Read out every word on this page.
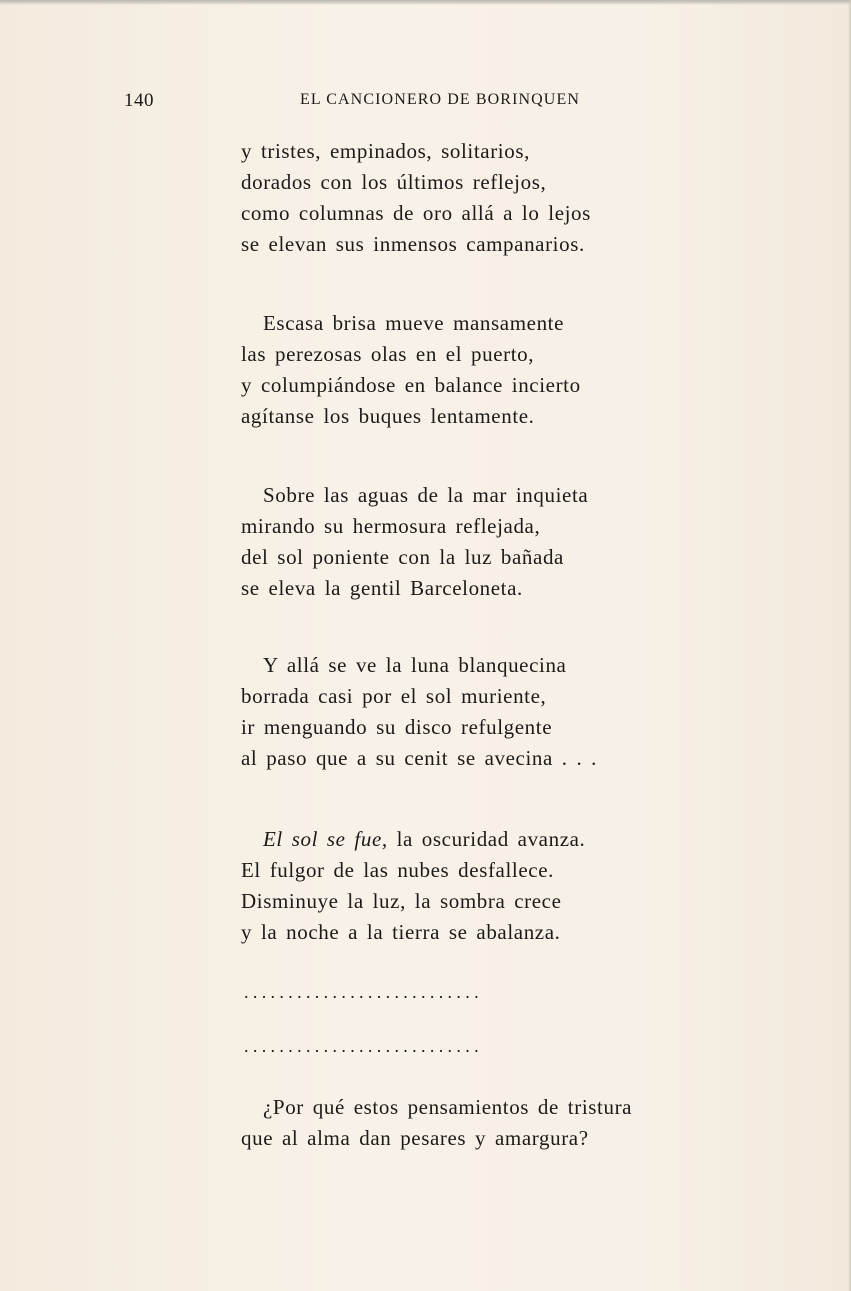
140	EL CANCIONERO DE BORINQUEN
y tristes, empinados, solitarios,
dorados con los últimos reflejos,
como columnas de oro allá a lo lejos
se elevan sus inmensos campanarios.
Escasa brisa mueve mansamente
las perezosas olas en el puerto,
y columpiándose en balance incierto
agítanse los buques lentamente.
Sobre las aguas de la mar inquieta
mirando su hermosura reflejada,
del sol poniente con la luz bañada
se eleva la gentil Barceloneta.
Y allá se ve la luna blanquecina
borrada casi por el sol muriente,
ir menguando su disco refulgente
al paso que a su cenit se avecina . . .
El sol se fue, la oscuridad avanza.
El fulgor de las nubes desfallece.
Disminuye la luz, la sombra crece
y la noche a la tierra se abalanza.
¿Por qué estos pensamientos de tristura
que al alma dan pesares y amargura?
...........................
...........................
